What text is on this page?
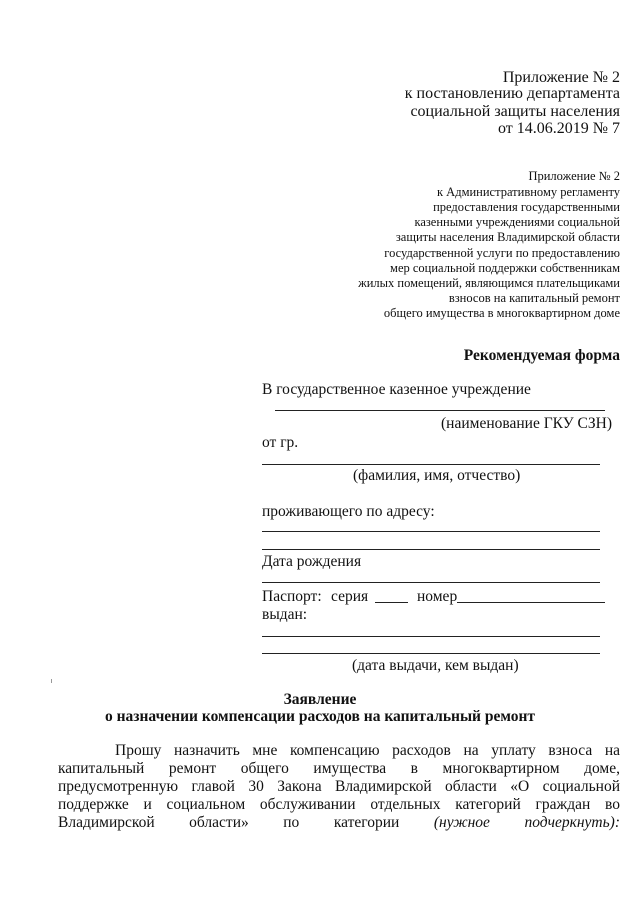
Приложение № 2
к постановлению департамента
социальной защиты населения
от 14.06.2019 № 7
Приложение № 2
к Административному регламенту
предоставления государственными
казенными учреждениями социальной
защиты населения Владимирской области
государственной услуги по предоставлению
мер социальной поддержки собственникам
жилых помещений, являющимся плательщиками
взносов на капитальный ремонт
общего имущества в многоквартирном доме
Рекомендуемая форма
В государственное казенное учреждение
(наименование ГКУ СЗН)
от гр.
(фамилия, имя, отчество)
проживающего по адресу:
Дата рождения
Паспорт: серия	номер
выдан:
(дата выдачи, кем выдан)
Заявление
о назначении компенсации расходов на капитальный ремонт
Прошу назначить мне компенсацию расходов на уплату взноса на
капитальный ремонт общего имущества в многоквартирном доме,
предусмотренную главой 30 Закона Владимирской области «О социальной
поддержке и социальном обслуживании отдельных категорий граждан во
Владимирской области» по категории (нужное подчеркнуть):
